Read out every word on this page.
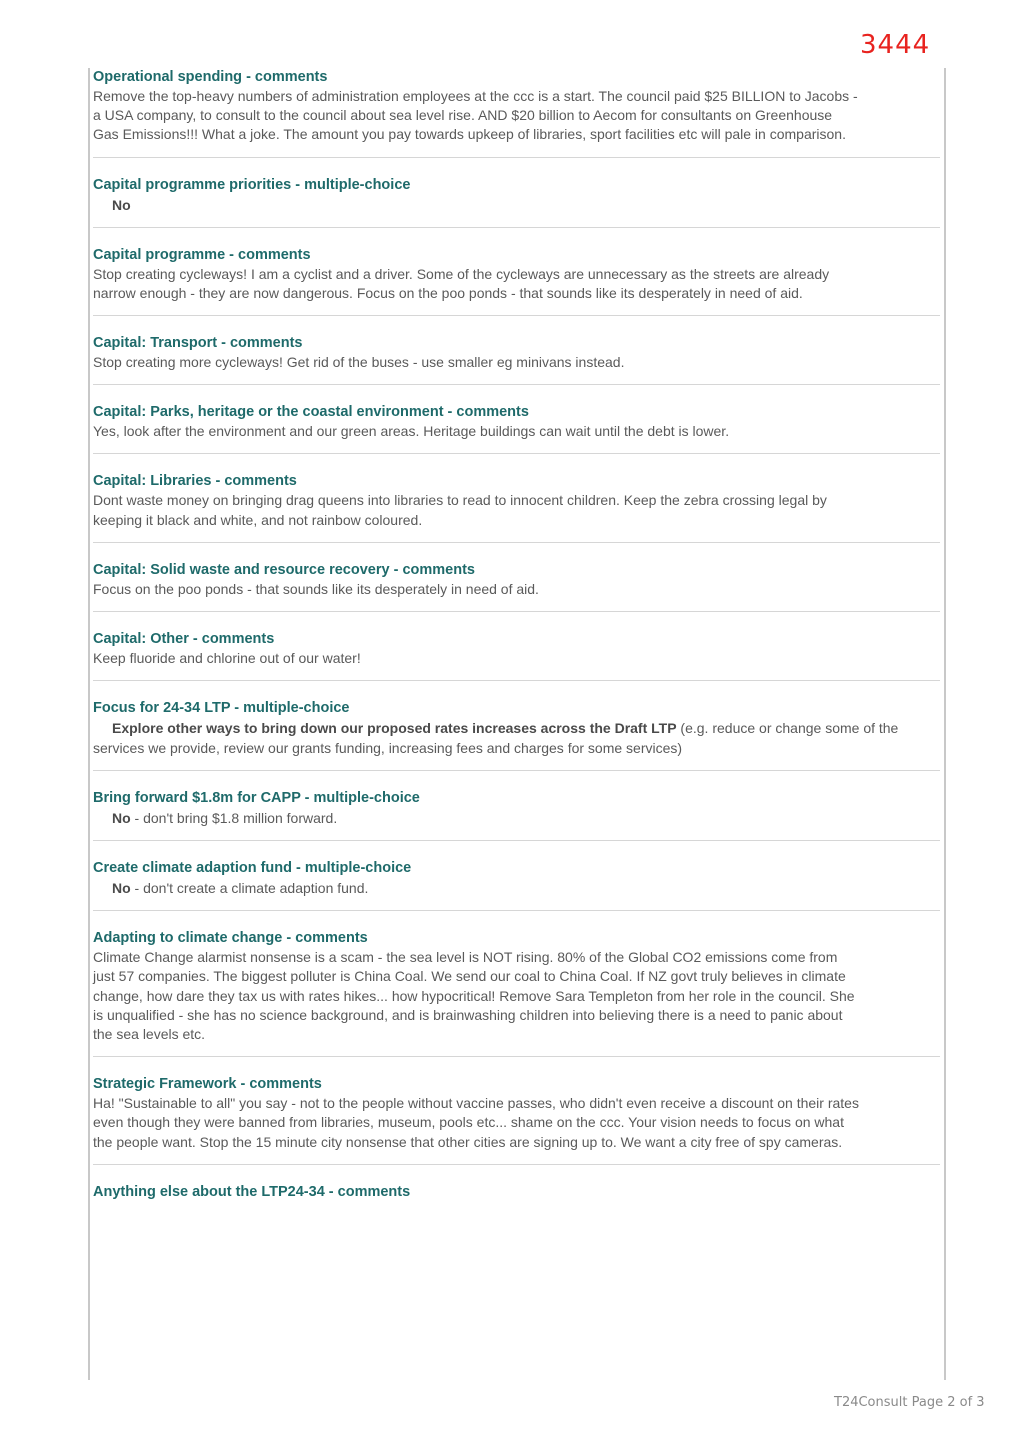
3444

Operational spending - comments

Remove the top-heavy numbers of administration employees at the ccc is a start. The council paid $25 BILLION to Jacobs - a USA company, to consult to the council about sea level rise. AND $20 billion to Aecom for consultants on Greenhouse Gas Emissions!!! What a joke. The amount you pay towards upkeep of libraries, sport facilities etc will pale in comparison.

Capital programme priorities - multiple-choice

No

Capital programme - comments

Stop creating cycleways! I am a cyclist and a driver. Some of the cycleways are unnecessary as the streets are already narrow enough - they are now dangerous. Focus on the poo ponds - that sounds like its desperately in need of aid.

Capital: Transport - comments

Stop creating more cycleways! Get rid of the buses - use smaller eg minivans instead.

Capital: Parks, heritage or the coastal environment - comments

Yes, look after the environment and our green areas. Heritage buildings can wait until the debt is lower.

Capital: Libraries - comments

Dont waste money on bringing drag queens into libraries to read to innocent children. Keep the zebra crossing legal by keeping it black and white, and not rainbow coloured.

Capital: Solid waste and resource recovery - comments

Focus on the poo ponds - that sounds like its desperately in need of aid.

Capital: Other - comments

Keep fluoride and chlorine out of our water!

Focus for 24-34 LTP - multiple-choice

Explore other ways to bring down our proposed rates increases across the Draft LTP (e.g. reduce or change some of the services we provide, review our grants funding, increasing fees and charges for some services)

Bring forward $1.8m for CAPP - multiple-choice

No - don't bring $1.8 million forward.

Create climate adaption fund - multiple-choice

No - don't create a climate adaption fund.

Adapting to climate change - comments

Climate Change alarmist nonsense is a scam - the sea level is NOT rising. 80% of the Global CO2 emissions come from just 57 companies. The biggest polluter is China Coal. We send our coal to China Coal. If NZ govt truly believes in climate change, how dare they tax us with rates hikes... how hypocritical! Remove Sara Templeton from her role in the council. She is unqualified - she has no science background, and is brainwashing children into believing there is a need to panic about the sea levels etc.

Strategic Framework - comments

Ha! "Sustainable to all" you say - not to the people without vaccine passes, who didn't even receive a discount on their rates even though they were banned from libraries, museum, pools etc... shame on the ccc. Your vision needs to focus on what the people want. Stop the 15 minute city nonsense that other cities are signing up to. We want a city free of spy cameras.

Anything else about the LTP24-34 - comments

T24Consult Page 2 of 3
